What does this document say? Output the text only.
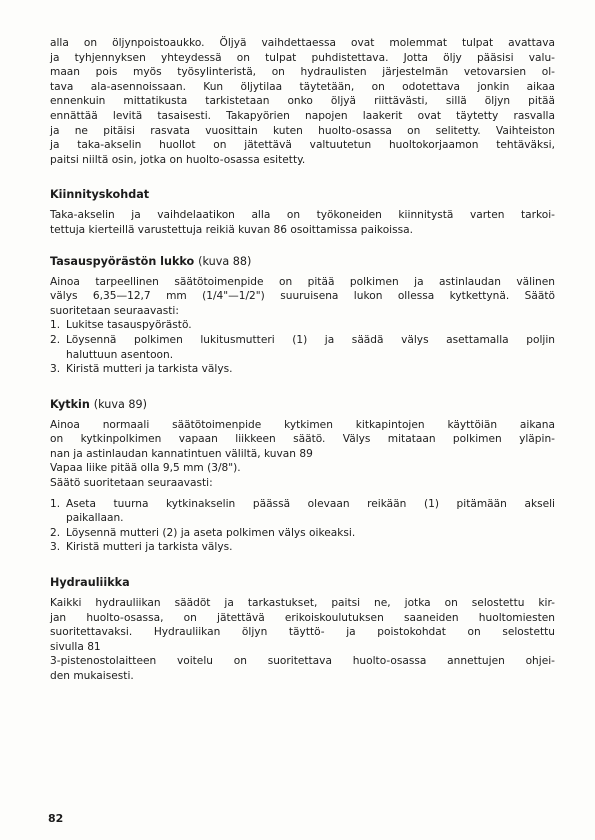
alla on öljynpoistoaukko. Öljyä vaihdettaessa ovat molemmat tulpat avattava
ja tyhjennyksen yhteydessä on tulpat puhdistettava. Jotta öljy pääsisi valu-
maan pois myös työsylinteristä, on hydraulisten järjestelmän vetovarsien ol-
tava ala-asennoissaan. Kun öljytilaa täytetään, on odotettava jonkin aikaa
ennenkuin mittatikusta tarkistetaan onko öljyä riittävästi, sillä öljyn pitää
ennättää levitä tasaisesti. Takapyörien napojen laakerit ovat täytetty rasvalla
ja ne pitäisi rasvata vuosittain kuten huolto-osassa on selitetty. Vaihteiston
ja taka-akselin huollot on jätettävä valtuutetun huoltokorjaamon tehtäväksi,
paitsi niiltä osin, jotka on huolto-osassa esitetty.
Kiinnityskohdat
Taka-akselin ja vaihdelaatikon alla on työkoneiden kiinnitystä varten tarkoi-
tettuja kierteillä varustettuja reikiä kuvan 86 osoittamissa paikoissa.
Tasauspyörästön lukko (kuva 88)
Ainoa tarpeellinen säätötoimenpide on pitää polkimen ja astinlaudan välinen
välys 6,35—12,7 mm (1/4"—1/2") suuruisena lukon ollessa kytkettynä. Säätö
suoritetaan seuraavasti:
1. Lukitse tasauspyörästö.
2. Löysennä polkimen lukitusmutteri (1) ja säädä välys asettamalla poljin
haluttuun asentoon.
3. Kiristä mutteri ja tarkista välys.
Kytkin (kuva 89)
Ainoa normaali säätötoimenpide kytkimen kitkapintojen käyttöiän aikana
on kytkinpolkimen vapaan liikkeen säätö. Välys mitataan polkimen yläpin-
nan ja astinlaudan kannatintuen väliltä, kuvan 89
Vapaa liike pitää olla 9,5 mm (3/8").
Säätö suoritetaan seuraavasti:
1. Aseta tuurna kytkinakselin päässä olevaan reikään (1) pitämään akseli
paikallaan.
2. Löysennä mutteri (2) ja aseta polkimen välys oikeaksi.
3. Kiristä mutteri ja tarkista välys.
Hydrauliikka
Kaikki hydrauliikan säädöt ja tarkastukset, paitsi ne, jotka on selostettu kir-
jan huolto-osassa, on jätettävä erikoiskoulutuksen saaneiden huoltomiesten
suoritettavaksi. Hydrauliikan öljyn täyttö- ja poistokohdat on selostettu
sivulla 81
3-pistenostolaitteen voitelu on suoritettava huolto-osassa annettujen ohjei-
den mukaisesti.
82
